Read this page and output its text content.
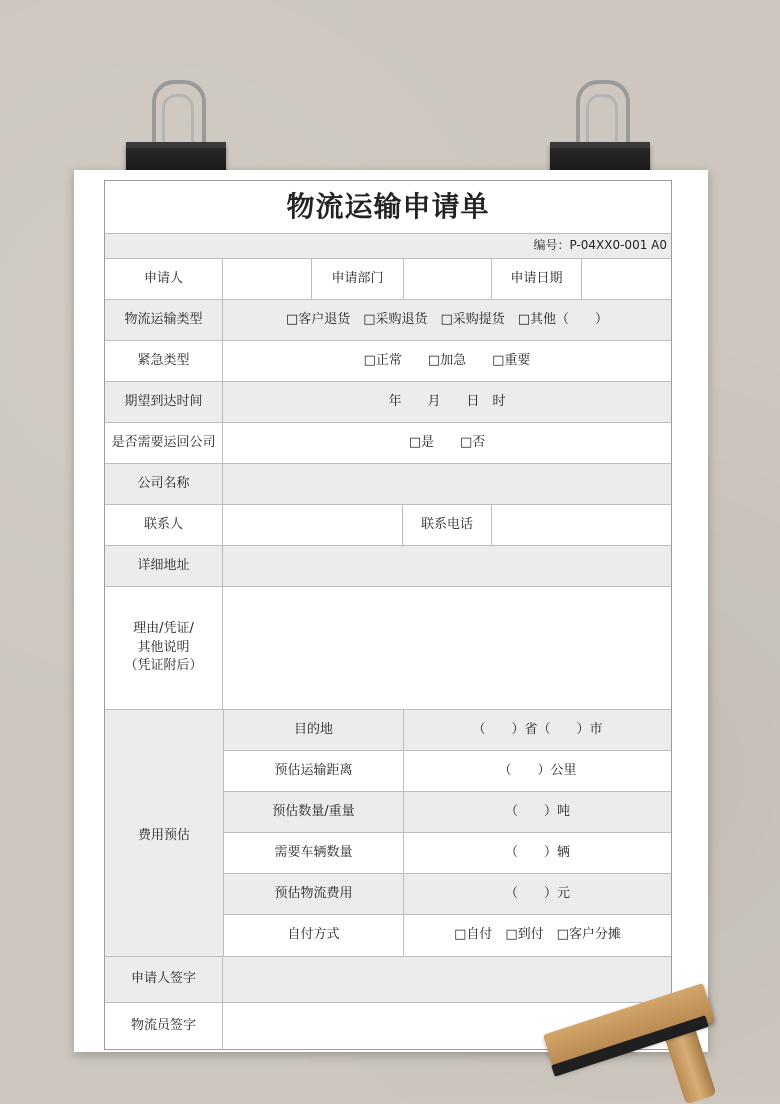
物流运输申请单
编号：P-04XX0-001 A0
申请人	申请部门	申请日期
物流运输类型	□客户退货　□采购退货　□采购提货　□其他（　　）
紧急类型	□正常　　□加急　　□重要
期望到达时间	年　　月　　日　时
是否需要运回公司	□是　　□否
公司名称
联系人	联系电话
详细地址
理由/凭证/
其他说明
（凭证附后）
费用预估
目的地	（　　）省（　　）市
预估运输距离	（　　）公里
预估数量/重量	（　　）吨
需要车辆数量	（　　）辆
预估物流费用	（　　）元
自付方式	□自付　□到付　□客户分摊
申请人签字
物流员签字
